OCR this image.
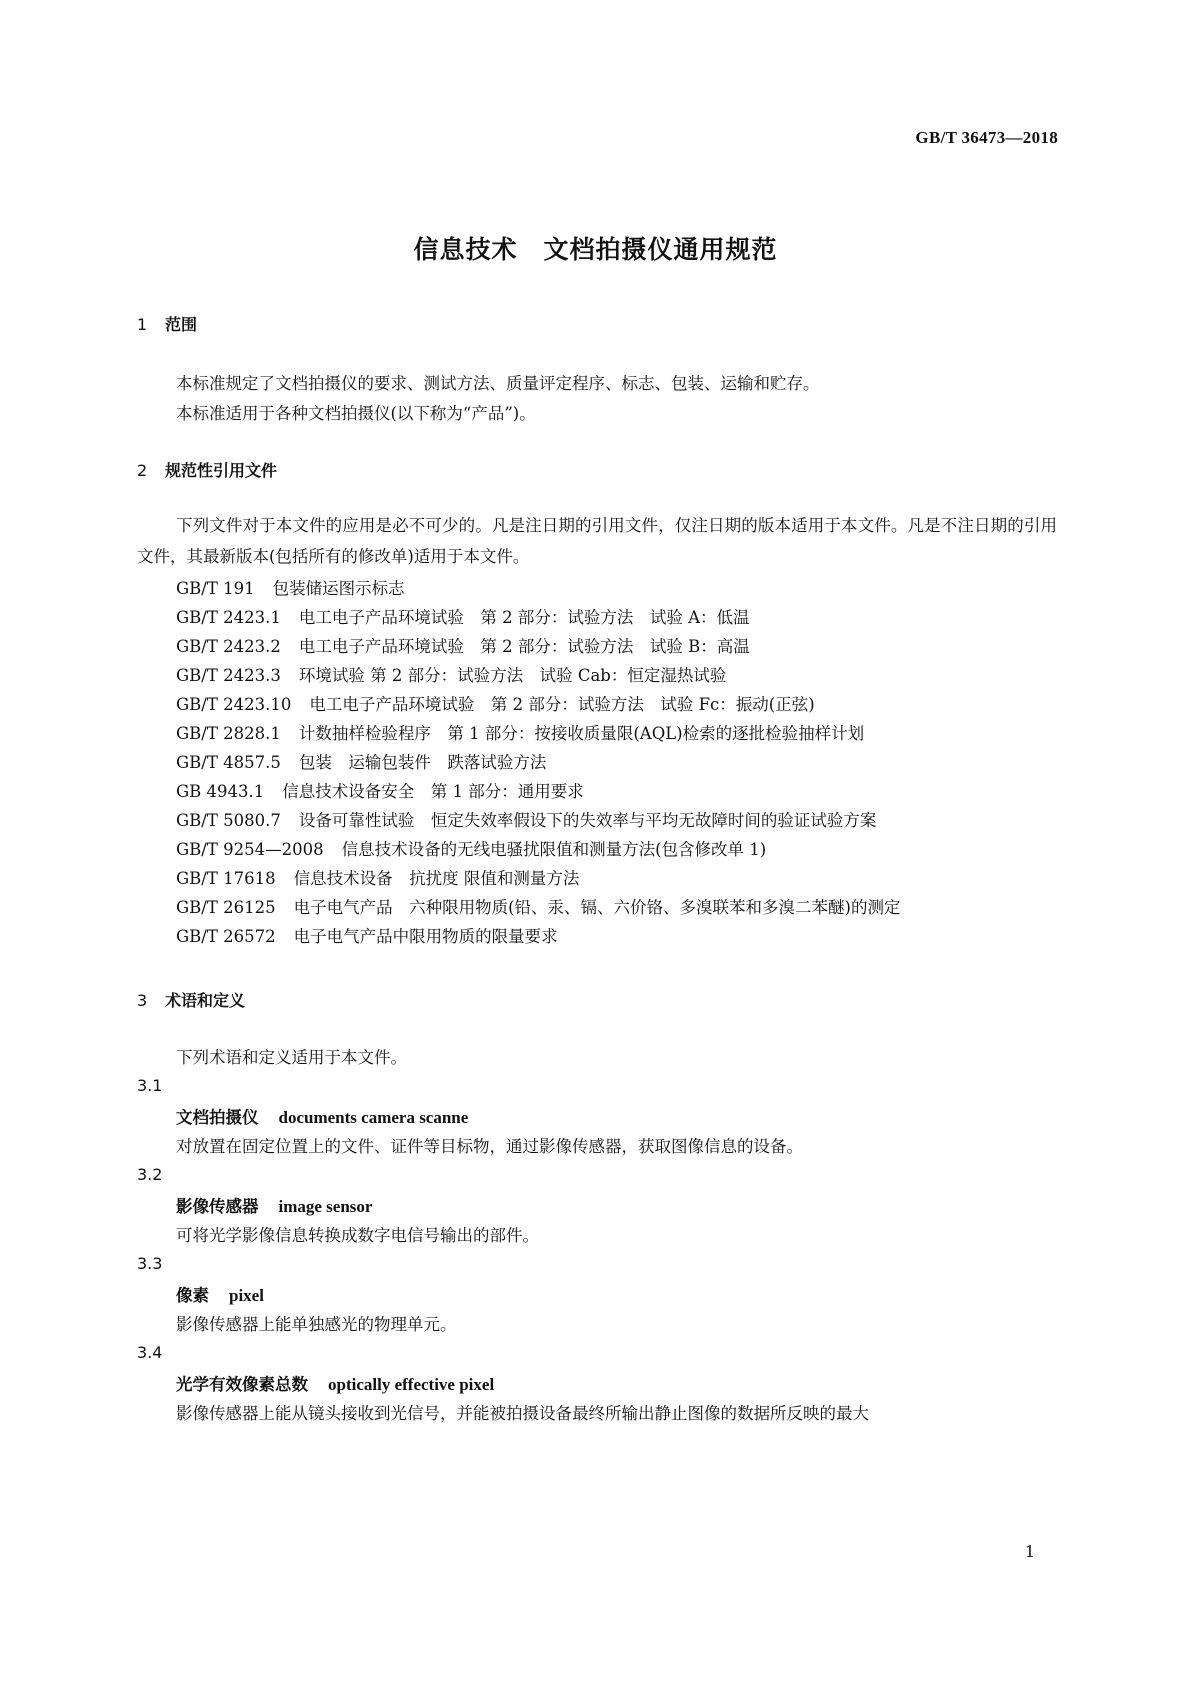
GB/T 36473—2018
信息技术　文档拍摄仪通用规范
1 范围
本标准规定了文档拍摄仪的要求、测试方法、质量评定程序、标志、包装、运输和贮存。
本标准适用于各种文档拍摄仪(以下称为“产品”)。
2 规范性引用文件
下列文件对于本文件的应用是必不可少的。凡是注日期的引用文件，仅注日期的版本适用于本文件。凡是不注日期的引用文件，其最新版本(包括所有的修改单)适用于本文件。
GB/T 191 包装储运图示标志
GB/T 2423.1 电工电子产品环境试验　第 2 部分：试验方法　试验 A：低温
GB/T 2423.2 电工电子产品环境试验　第 2 部分：试验方法　试验 B：高温
GB/T 2423.3 环境试验 第 2 部分：试验方法　试验 Cab：恒定湿热试验
GB/T 2423.10 电工电子产品环境试验　第 2 部分：试验方法　试验 Fc：振动(正弦)
GB/T 2828.1 计数抽样检验程序　第 1 部分：按接收质量限(AQL)检索的逐批检验抽样计划
GB/T 4857.5 包装　运输包装件　跌落试验方法
GB 4943.1 信息技术设备安全　第 1 部分：通用要求
GB/T 5080.7 设备可靠性试验　恒定失效率假设下的失效率与平均无故障时间的验证试验方案
GB/T 9254—2008 信息技术设备的无线电骚扰限值和测量方法(包含修改单 1)
GB/T 17618 信息技术设备　抗扰度 限值和测量方法
GB/T 26125 电子电气产品　六种限用物质(铅、汞、镉、六价铬、多溴联苯和多溴二苯醚)的测定
GB/T 26572 电子电气产品中限用物质的限量要求
3 术语和定义
下列术语和定义适用于本文件。
3.1
文档拍摄仪 documents camera scanne
对放置在固定位置上的文件、证件等目标物，通过影像传感器，获取图像信息的设备。
3.2
影像传感器 image sensor
可将光学影像信息转换成数字电信号输出的部件。
3.3
像素 pixel
影像传感器上能单独感光的物理单元。
3.4
光学有效像素总数 optically effective pixel
影像传感器上能从镜头接收到光信号，并能被拍摄设备最终所输出静止图像的数据所反映的最大
1
